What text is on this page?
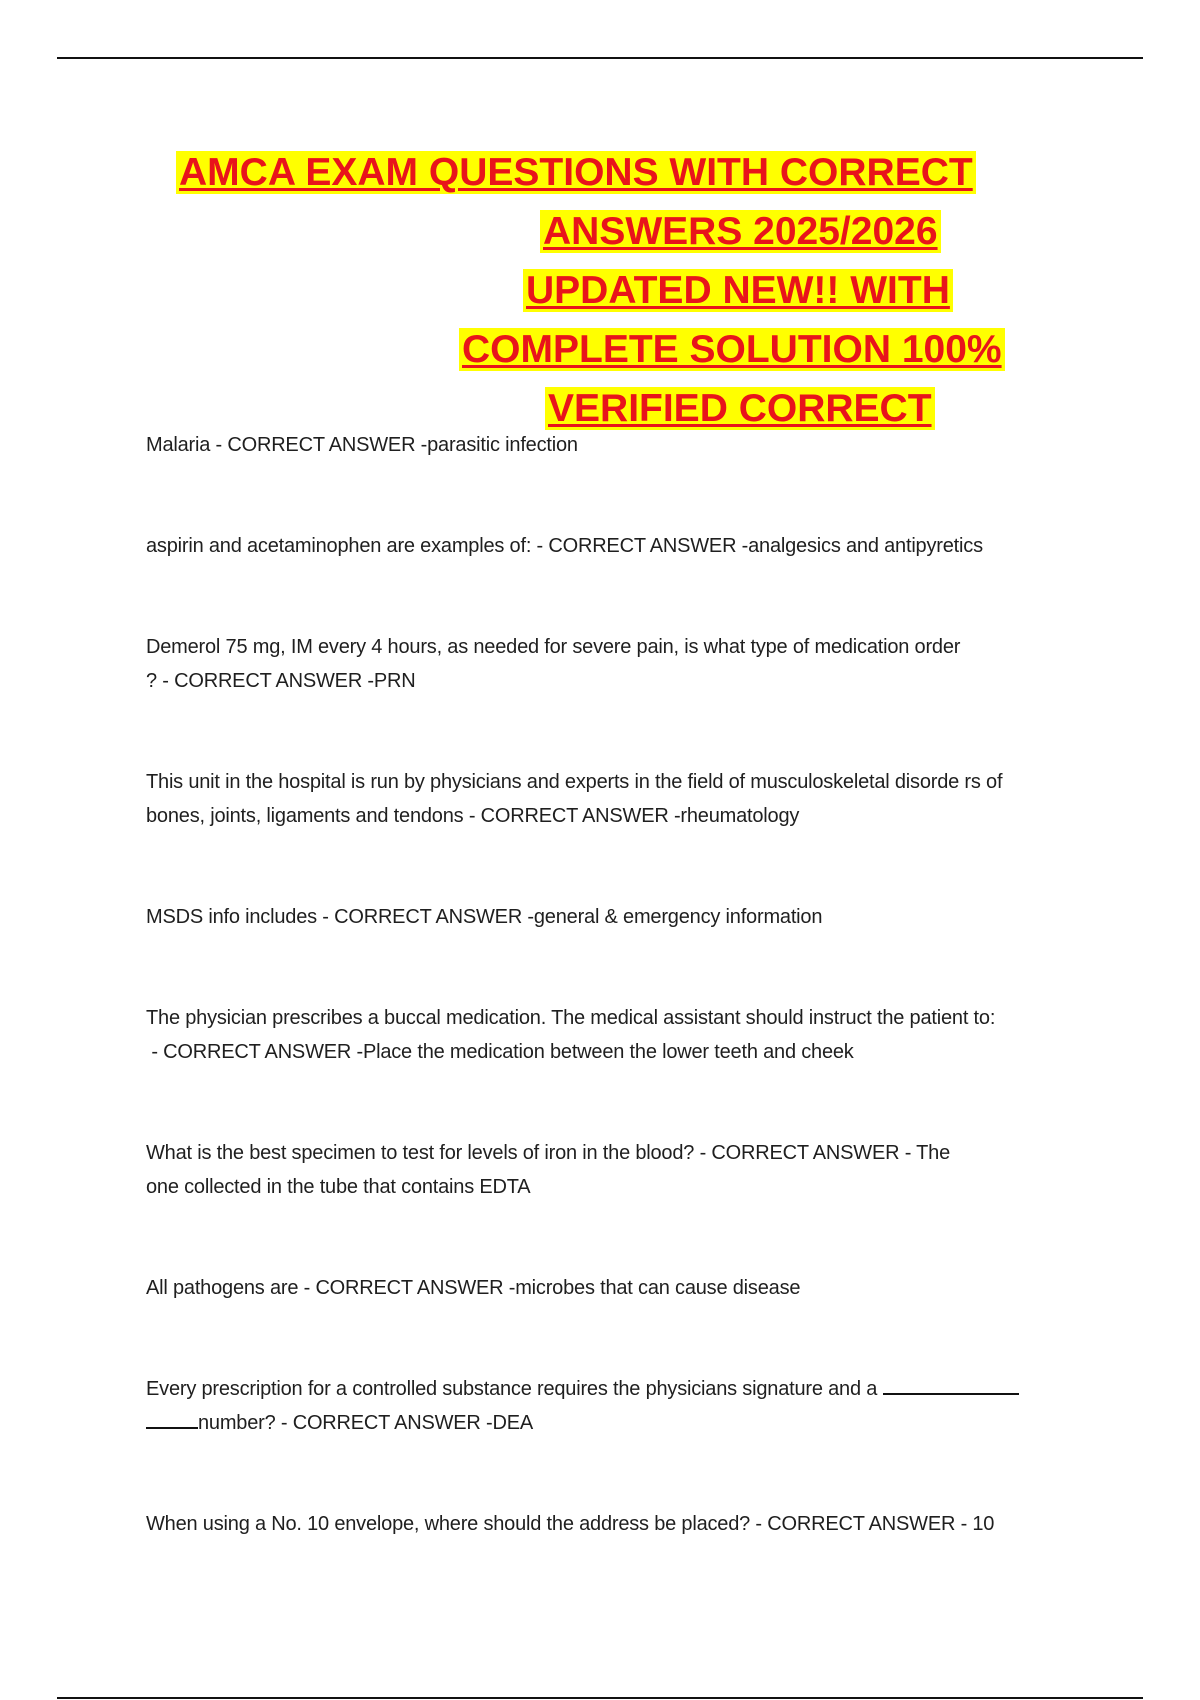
AMCA EXAM QUESTIONS WITH CORRECT
ANSWERS 2025/2026
UPDATED NEW!! WITH
COMPLETE SOLUTION 100%
VERIFIED CORRECT
Malaria - CORRECT ANSWER -parasitic infection
aspirin and acetaminophen are examples of: - CORRECT ANSWER -analgesics and antipyretics
Demerol 75 mg, IM every 4 hours, as needed for severe pain, is what type of medication order
? - CORRECT ANSWER -PRN
This unit in the hospital is run by physicians and experts in the field of musculoskeletal disorde rs of
bones, joints, ligaments and tendons - CORRECT ANSWER -rheumatology
MSDS info includes - CORRECT ANSWER -general & emergency information
The physician prescribes a buccal medication. The medical assistant should instruct the patient to:
- CORRECT ANSWER -Place the medication between the lower teeth and cheek
What is the best specimen to test for levels of iron in the blood? - CORRECT ANSWER - The
one collected in the tube that contains EDTA
All pathogens are - CORRECT ANSWER -microbes that can cause disease
Every prescription for a controlled substance requires the physicians signature and a
number? - CORRECT ANSWER -DEA
When using a No. 10 envelope, where should the address be placed? - CORRECT ANSWER - 10
